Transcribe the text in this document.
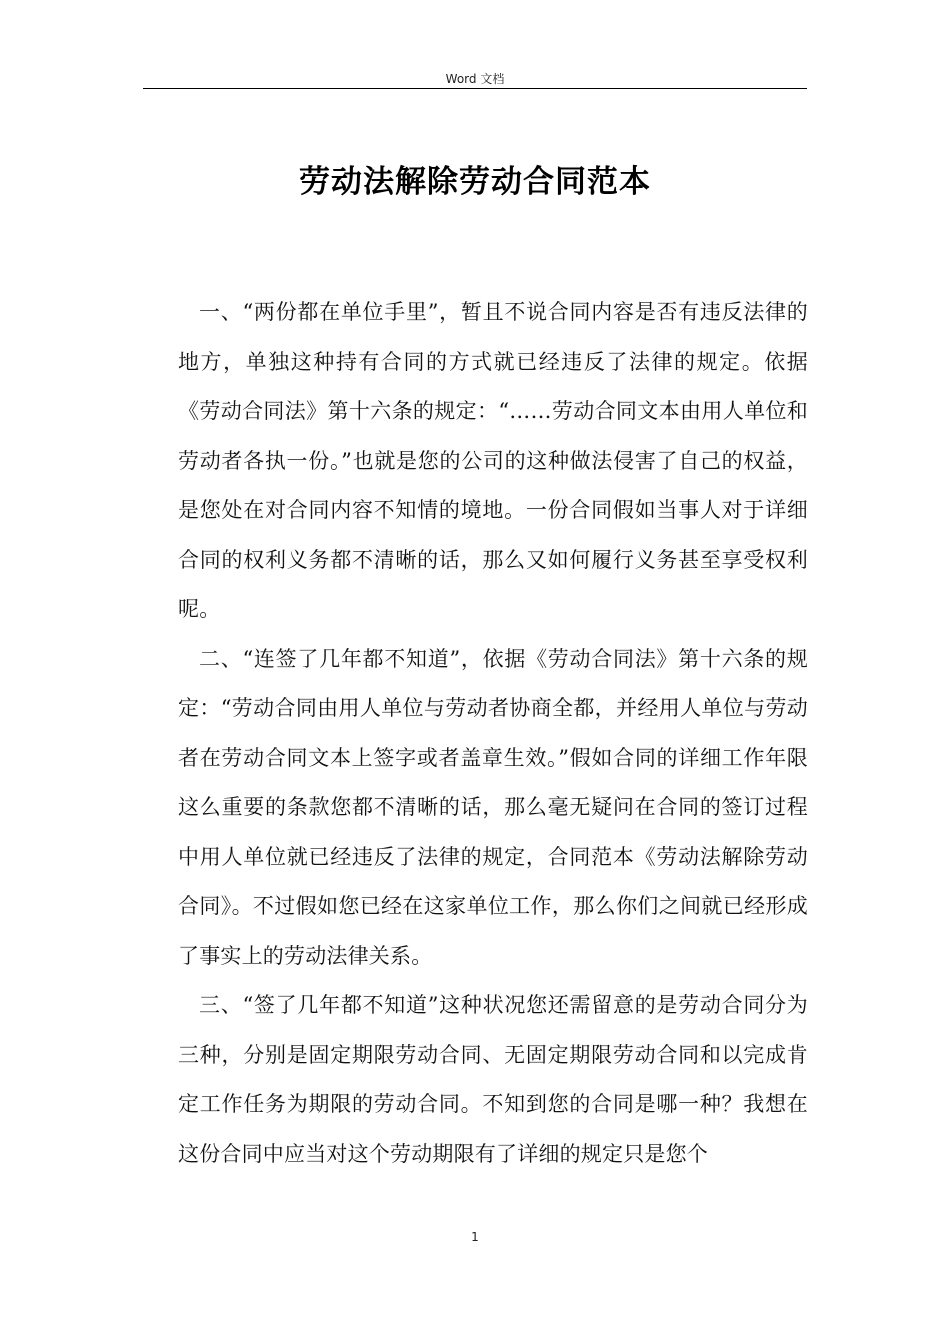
Word 文档
劳动法解除劳动合同范本

一、“两份都在单位手里”，暂且不说合同内容是否有违反法律的地方，单独这种持有合同的方式就已经违反了法律的规定。依据《劳动合同法》第十六条的规定：“……劳动合同文本由用人单位和劳动者各执一份。”也就是您的公司的这种做法侵害了自己的权益，是您处在对合同内容不知情的境地。一份合同假如当事人对于详细合同的权利义务都不清晰的话，那么又如何履行义务甚至享受权利呢。

二、“连签了几年都不知道”，依据《劳动合同法》第十六条的规定：“劳动合同由用人单位与劳动者协商全都，并经用人单位与劳动者在劳动合同文本上签字或者盖章生效。”假如合同的详细工作年限这么重要的条款您都不清晰的话，那么毫无疑问在合同的签订过程中用人单位就已经违反了法律的规定，合同范本《劳动法解除劳动合同》。不过假如您已经在这家单位工作，那么你们之间就已经形成了事实上的劳动法律关系。

三、“签了几年都不知道”这种状况您还需留意的是劳动合同分为三种，分别是固定期限劳动合同、无固定期限劳动合同和以完成肯定工作任务为期限的劳动合同。不知到您的合同是哪一种？我想在这份合同中应当对这个劳动期限有了详细的规定只是您个

1
